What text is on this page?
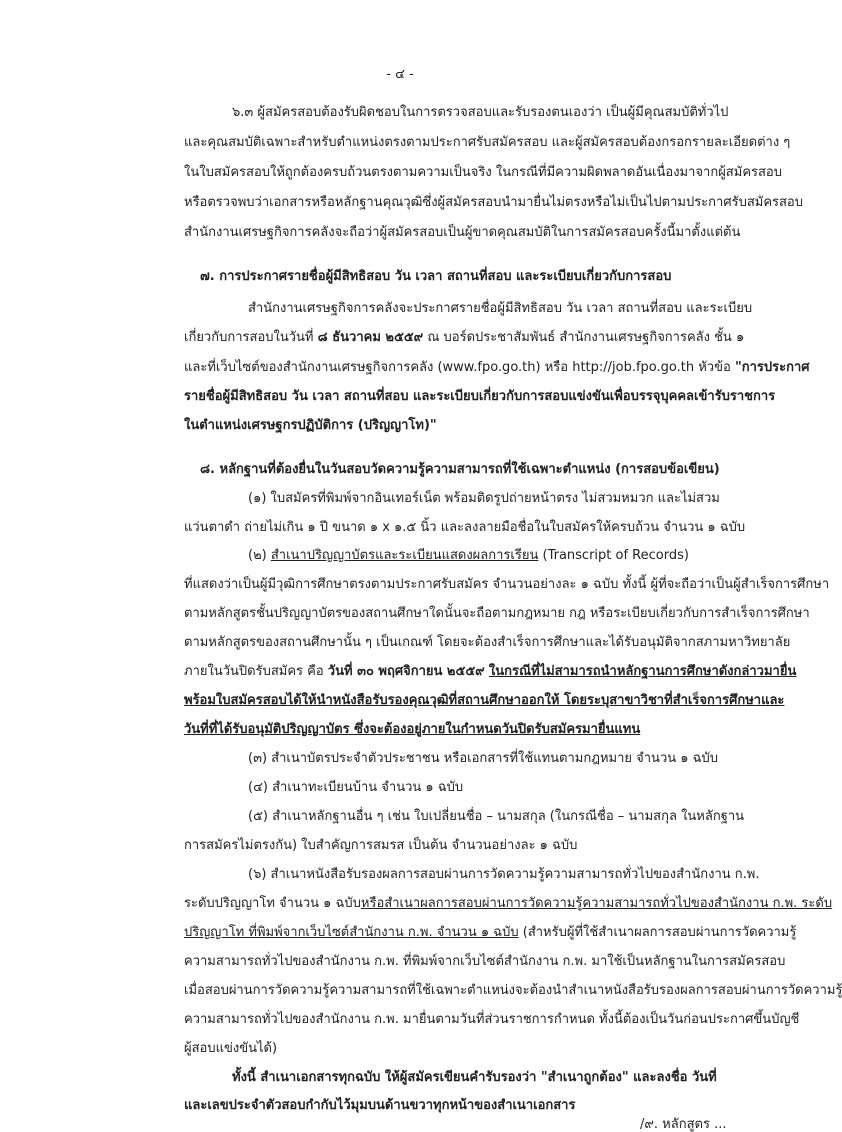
- ๔ -
๖.๓ ผู้สมัครสอบต้องรับผิดชอบในการตรวจสอบและรับรองตนเองว่า เป็นผู้มีคุณสมบัติทั่วไป
และคุณสมบัติเฉพาะสำหรับตำแหน่งตรงตามประกาศรับสมัครสอบ และผู้สมัครสอบต้องกรอกรายละเอียดต่าง ๆ
ในใบสมัครสอบให้ถูกต้องครบถ้วนตรงตามความเป็นจริง ในกรณีที่มีความผิดพลาดอันเนื่องมาจากผู้สมัครสอบ
หรือตรวจพบว่าเอกสารหรือหลักฐานคุณวุฒิซึ่งผู้สมัครสอบนำมายื่นไม่ตรงหรือไม่เป็นไปตามประกาศรับสมัครสอบ
สำนักงานเศรษฐกิจการคลังจะถือว่าผู้สมัครสอบเป็นผู้ขาดคุณสมบัติในการสมัครสอบครั้งนี้มาตั้งแต่ต้น
๗. การประกาศรายชื่อผู้มีสิทธิสอบ วัน เวลา สถานที่สอบ และระเบียบเกี่ยวกับการสอบ
สำนักงานเศรษฐกิจการคลังจะประกาศรายชื่อผู้มีสิทธิสอบ วัน เวลา สถานที่สอบ และระเบียบ
เกี่ยวกับการสอบในวันที่ ๘ ธันวาคม ๒๕๕๙ ณ บอร์ดประชาสัมพันธ์ สำนักงานเศรษฐกิจการคลัง ชั้น ๑
และที่เว็บไซต์ของสำนักงานเศรษฐกิจการคลัง (www.fpo.go.th) หรือ http://job.fpo.go.th หัวข้อ "การประกาศ
รายชื่อผู้มีสิทธิสอบ วัน เวลา สถานที่สอบ และระเบียบเกี่ยวกับการสอบแข่งขันเพื่อบรรจุบุคคลเข้ารับราชการ
ในตำแหน่งเศรษฐกรปฏิบัติการ (ปริญญาโท)"
๘. หลักฐานที่ต้องยื่นในวันสอบวัดความรู้ความสามารถที่ใช้เฉพาะตำแหน่ง (การสอบข้อเขียน)
(๑) ใบสมัครที่พิมพ์จากอินเทอร์เน็ต พร้อมติดรูปถ่ายหน้าตรง ไม่สวมหมวก และไม่สวม
แว่นตาดำ ถ่ายไม่เกิน ๑ ปี ขนาด ๑ x ๑.๕ นิ้ว และลงลายมือชื่อในใบสมัครให้ครบถ้วน จำนวน ๑ ฉบับ
(๒) สำเนาปริญญาบัตรและระเบียนแสดงผลการเรียน (Transcript of Records)
ที่แสดงว่าเป็นผู้มีวุฒิการศึกษาตรงตามประกาศรับสมัคร จำนวนอย่างละ ๑ ฉบับ ทั้งนี้ ผู้ที่จะถือว่าเป็นผู้สำเร็จการศึกษา
ตามหลักสูตรชั้นปริญญาบัตรของสถานศึกษาใดนั้นจะถือตามกฎหมาย กฎ หรือระเบียบเกี่ยวกับการสำเร็จการศึกษา
ตามหลักสูตรของสถานศึกษานั้น ๆ เป็นเกณฑ์ โดยจะต้องสำเร็จการศึกษาและได้รับอนุมัติจากสภามหาวิทยาลัย
ภายในวันปิดรับสมัคร คือ วันที่ ๓๐ พฤศจิกายน ๒๕๕๙ ในกรณีที่ไม่สามารถนำหลักฐานการศึกษาดังกล่าวมายื่น
พร้อมใบสมัครสอบได้ให้นำหนังสือรับรองคุณวุฒิที่สถานศึกษาออกให้ โดยระบุสาขาวิชาที่สำเร็จการศึกษาและ
วันที่ที่ได้รับอนุมัติปริญญาบัตร ซึ่งจะต้องอยู่ภายในกำหนดวันปิดรับสมัครมายื่นแทน
(๓) สำเนาบัตรประจำตัวประชาชน หรือเอกสารที่ใช้แทนตามกฎหมาย จำนวน ๑ ฉบับ
(๔) สำเนาทะเบียนบ้าน จำนวน ๑ ฉบับ
(๕) สำเนาหลักฐานอื่น ๆ เช่น ใบเปลี่ยนชื่อ – นามสกุล (ในกรณีชื่อ – นามสกุล ในหลักฐาน
การสมัครไม่ตรงกัน) ใบสำคัญการสมรส เป็นต้น จำนวนอย่างละ ๑ ฉบับ
(๖) สำเนาหนังสือรับรองผลการสอบผ่านการวัดความรู้ความสามารถทั่วไปของสำนักงาน ก.พ.
ระดับปริญญาโท จำนวน ๑ ฉบับหรือสำเนาผลการสอบผ่านการวัดความรู้ความสามารถทั่วไปของสำนักงาน ก.พ. ระดับ
ปริญญาโท ที่พิมพ์จากเว็บไซต์สำนักงาน ก.พ. จำนวน ๑ ฉบับ (สำหรับผู้ที่ใช้สำเนาผลการสอบผ่านการวัดความรู้
ความสามารถทั่วไปของสำนักงาน ก.พ. ที่พิมพ์จากเว็บไซต์สำนักงาน ก.พ. มาใช้เป็นหลักฐานในการสมัครสอบ
เมื่อสอบผ่านการวัดความรู้ความสามารถที่ใช้เฉพาะตำแหน่งจะต้องนำสำเนาหนังสือรับรองผลการสอบผ่านการวัดความรู้
ความสามารถทั่วไปของสำนักงาน ก.พ. มายื่นตามวันที่ส่วนราชการกำหนด ทั้งนี้ต้องเป็นวันก่อนประกาศขึ้นบัญชี
ผู้สอบแข่งขันได้)
ทั้งนี้ สำเนาเอกสารทุกฉบับ ให้ผู้สมัครเขียนคำรับรองว่า "สำเนาถูกต้อง" และลงชื่อ วันที่
และเลขประจำตัวสอบกำกับไว้มุมบนด้านขวาทุกหน้าของสำเนาเอกสาร
/๙. หลักสูตร ...
